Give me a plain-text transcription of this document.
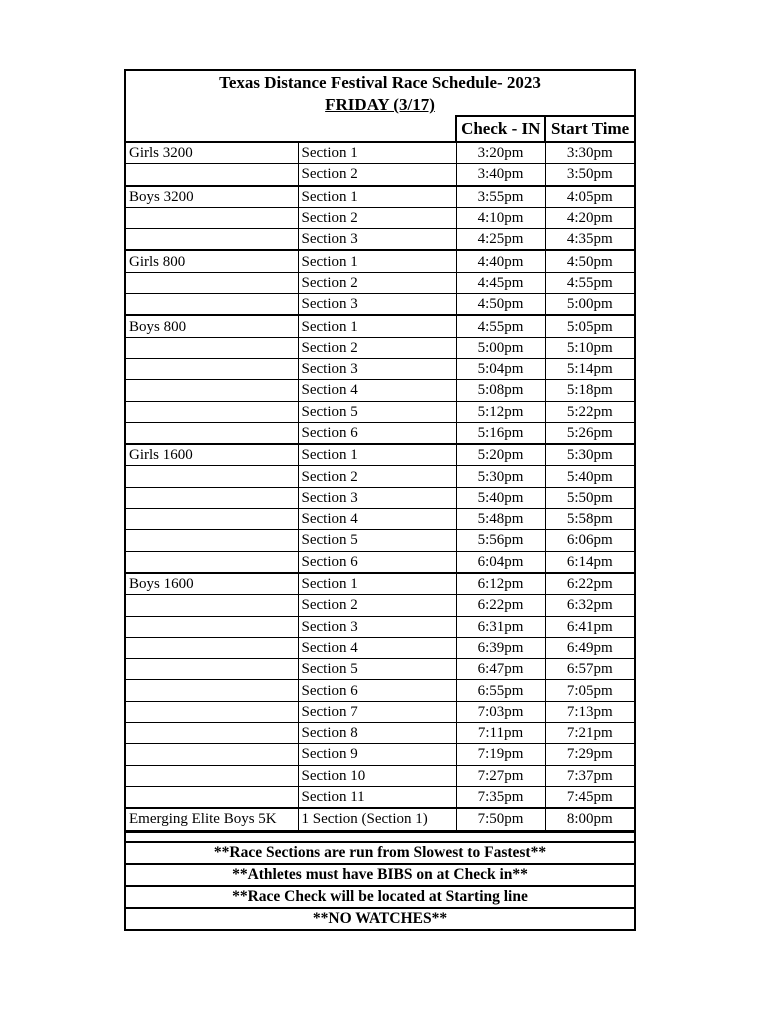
Texas Distance Festival Race Schedule- 2023
FRIDAY (3/17)
Check - IN Start Time
Girls 3200	Section 1	3:20pm	3:30pm
	Section 2	3:40pm	3:50pm
Boys 3200	Section 1	3:55pm	4:05pm
	Section 2	4:10pm	4:20pm
	Section 3	4:25pm	4:35pm
Girls 800	Section 1	4:40pm	4:50pm
	Section 2	4:45pm	4:55pm
	Section 3	4:50pm	5:00pm
Boys 800	Section 1	4:55pm	5:05pm
	Section 2	5:00pm	5:10pm
	Section 3	5:04pm	5:14pm
	Section 4	5:08pm	5:18pm
	Section 5	5:12pm	5:22pm
	Section 6	5:16pm	5:26pm
Girls 1600	Section 1	5:20pm	5:30pm
	Section 2	5:30pm	5:40pm
	Section 3	5:40pm	5:50pm
	Section 4	5:48pm	5:58pm
	Section 5	5:56pm	6:06pm
	Section 6	6:04pm	6:14pm
Boys 1600	Section 1	6:12pm	6:22pm
	Section 2	6:22pm	6:32pm
	Section 3	6:31pm	6:41pm
	Section 4	6:39pm	6:49pm
	Section 5	6:47pm	6:57pm
	Section 6	6:55pm	7:05pm
	Section 7	7:03pm	7:13pm
	Section 8	7:11pm	7:21pm
	Section 9	7:19pm	7:29pm
	Section 10	7:27pm	7:37pm
	Section 11	7:35pm	7:45pm
Emerging Elite Boys 5K	1 Section (Section 1)	7:50pm	8:00pm
**Race Sections are run from Slowest to Fastest**
**Athletes must have BIBS on at Check in**
**Race Check will be located at Starting line
**NO WATCHES**
